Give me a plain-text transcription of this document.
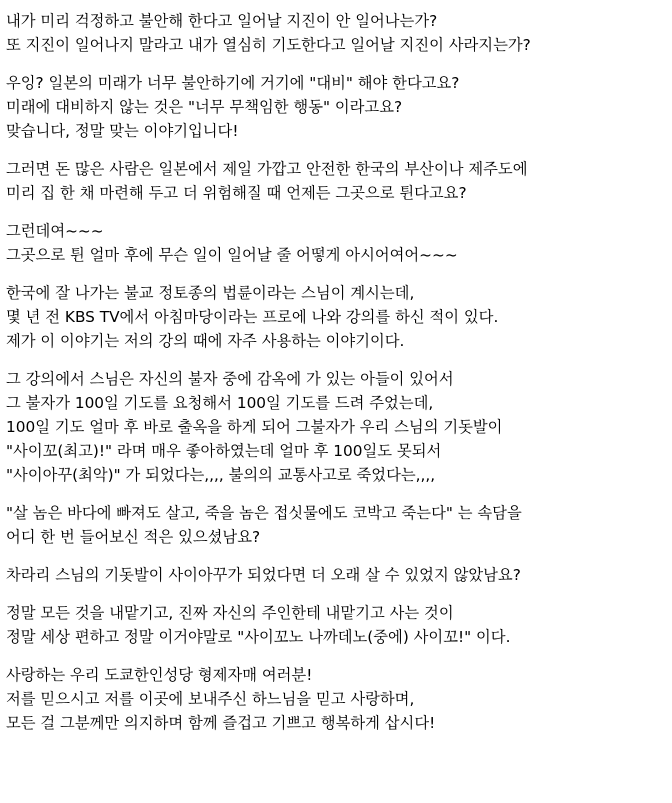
내가 미리 걱정하고 불안해 한다고 일어날 지진이 안 일어나는가?
또 지진이 일어나지 말라고 내가 열심히 기도한다고 일어날 지진이 사라지는가?
우잉? 일본의 미래가 너무 불안하기에 거기에 "대비" 해야 한다고요?
미래에 대비하지 않는 것은 "너무 무책임한 행동" 이라고요?
맞습니다, 정말 맞는 이야기입니다!
그러면 돈 많은 사람은 일본에서 제일 가깝고 안전한 한국의 부산이나 제주도에
미리 집 한 채 마련해 두고 더 위험해질 때 언제든 그곳으로 튄다고요?
그런데여~~~
그곳으로 튄 얼마 후에 무슨 일이 일어날 줄 어떻게 아시어여어~~~
한국에 잘 나가는 불교 정토종의 법륜이라는 스님이 계시는데,
몇 년 전 KBS TV에서 아침마당이라는 프로에 나와 강의를 하신 적이 있다.
제가 이 이야기는 저의 강의 때에 자주 사용하는 이야기이다.
그 강의에서 스님은 자신의 불자 중에 감옥에 가 있는 아들이 있어서
그 불자가 100일 기도를 요청해서 100일 기도를 드려 주었는데,
100일 기도 얼마 후 바로 출옥을 하게 되어 그불자가 우리 스님의 기돗발이
"사이꼬(최고)!" 라며 매우 좋아하였는데 얼마 후 100일도 못되서
"사이아꾸(최악)" 가 되었다는,,,, 불의의 교통사고로 죽었다는,,,,
"살 놈은 바다에 빠져도 살고, 죽을 놈은 접싯물에도 코박고 죽는다" 는 속담을
어디 한 번 들어보신 적은 있으셨남요?
차라리 스님의 기돗발이 사이아꾸가 되었다면 더 오래 살 수 있었지 않았남요?
정말 모든 것을 내맡기고, 진짜 자신의 주인한테 내맡기고 사는 것이
정말 세상 편하고 정말 이거야말로 "사이꼬노 나까데노(중에) 사이꼬!" 이다.
사랑하는 우리 도쿄한인성당 형제자매 여러분!
저를 믿으시고 저를 이곳에 보내주신 하느님을 믿고 사랑하며,
모든 걸 그분께만 의지하며 함께 즐겁고 기쁘고 행복하게 삽시다!
